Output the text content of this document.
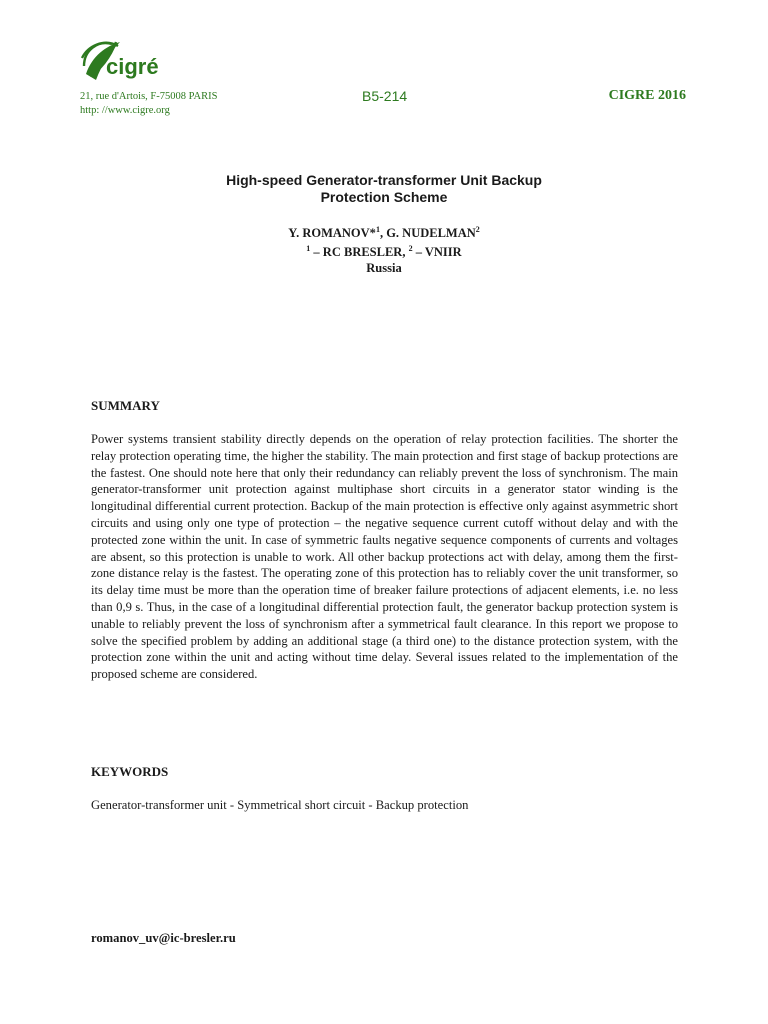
cigré
21, rue d'Artois, F-75008 PARIS
http: //www.cigre.org
B5-214	CIGRE 2016
High-speed Generator-transformer Unit Backup
Protection Scheme
Y. ROMANOV*$^1$, G. NUDELMAN$^2$
$^1$ – RC BRESLER, $^2$ – VNIIR
Russia
SUMMARY
Power systems transient stability directly depends on the operation of relay protection facilities. The shorter the relay protection operating time, the higher the stability. The main protection and first stage of backup protections are the fastest. One should note here that only their redundancy can reliably prevent the loss of synchronism. The main generator-transformer unit protection against multiphase short circuits in a generator stator winding is the longitudinal differential current protection. Backup of the main protection is effective only against asymmetric short circuits and using only one type of protection – the negative sequence current cutoff without delay and with the protected zone within the unit. In case of symmetric faults negative sequence components of currents and voltages are absent, so this protection is unable to work. All other backup protections act with delay, among them the first-zone distance relay is the fastest. The operating zone of this protection has to reliably cover the unit transformer, so its delay time must be more than the operation time of breaker failure protections of adjacent elements, i.e. no less than 0,9 s. Thus, in the case of a longitudinal differential protection fault, the generator backup protection system is unable to reliably prevent the loss of synchronism after a symmetrical fault clearance. In this report we propose to solve the specified problem by adding an additional stage (a third one) to the distance protection system, with the protection zone within the unit and acting without time delay. Several issues related to the implementation of the proposed scheme are considered.
KEYWORDS
Generator-transformer unit - Symmetrical short circuit - Backup protection
romanov_uv@ic-bresler.ru
